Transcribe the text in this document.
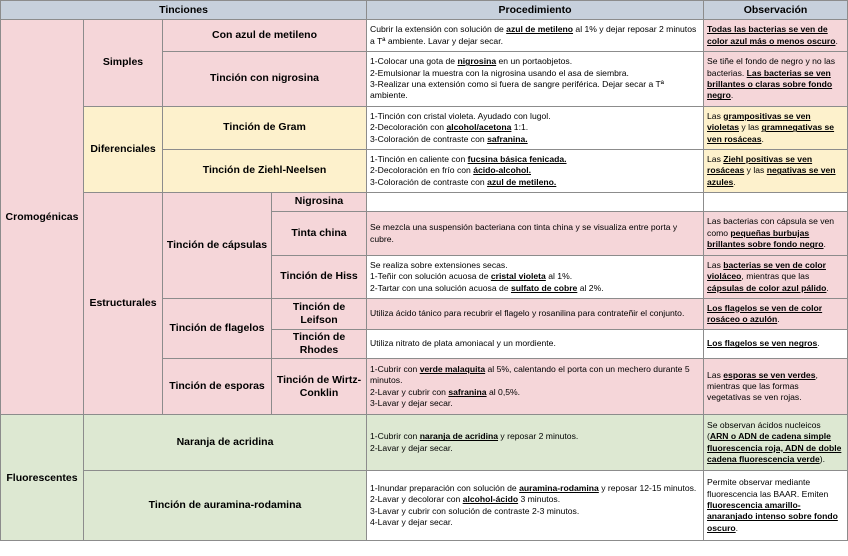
Tinciones				Procedimiento	Observación
Cromogénicas	Simples	Con azul de metileno		Cubrir la extensión con solución de azul de metileno al 1% y dejar reposar 2 minutos a Tª ambiente. Lavar y dejar secar.	Todas las bacterias se ven de color azul más o menos oscuro.
		Tinción con nigrosina		1-Colocar una gota de nigrosina en un portaobjetos.
2-Emulsionar la muestra con la nigrosina usando el asa de siembra.
3-Realizar una extensión como si fuera de sangre periférica. Dejar secar a Tª ambiente.	Se tiñe el fondo de negro y no las bacterias. Las bacterias se ven brillantes o claras sobre fondo negro.
	Diferenciales	Tinción de Gram		1-Tinción con cristal violeta. Ayudado con lugol.
2-Decoloración con alcohol/acetona 1:1.
3-Coloración de contraste con safranina.	Las grampositivas se ven violetas y las gramnegativas se ven rosáceas.
		Tinción de Ziehl-Neelsen		1-Tinción en caliente con fucsina básica fenicada.
2-Decoloración en frío con ácido-alcohol.
3-Coloración de contraste con azul de metileno.	Las Ziehl positivas se ven rosáceas y las negativas se ven azules.
	Estructurales	Tinción de cápsulas	Nigrosina		
			Tinta china	Se mezcla una suspensión bacteriana con tinta china y se visualiza entre porta y cubre.	Las bacterias con cápsula se ven como pequeñas burbujas brillantes sobre fondo negro.
			Tinción de Hiss	Se realiza sobre extensiones secas.
1-Teñir con solución acuosa de cristal violeta al 1%.
2-Tartar con una solución acuosa de sulfato de cobre al 2%.	Las bacterias se ven de color violáceo, mientras que las cápsulas de color azul pálido.
		Tinción de flagelos	Tinción de Leifson	Utiliza ácido tánico para recubrir el flagelo y rosanilina para contrateñir el conjunto.	Los flagelos se ven de color rosáceo o azulón.
			Tinción de Rhodes	Utiliza nitrato de plata amoniacal y un mordiente.	Los flagelos se ven negros.
		Tinción de esporas	Tinción de Wirtz-Conklin	1-Cubrir con verde malaquita al 5%, calentando el porta con un mechero durante 5 minutos.
2-Lavar y cubrir con safranina al 0,5%.
3-Lavar y dejar secar.	Las esporas se ven verdes, mientras que las formas vegetativas se ven rojas.
Fluorescentes	Naranja de acridina			1-Cubrir con naranja de acridina y reposar 2 minutos.
2-Lavar y dejar secar.	Se observan ácidos nucleicos (ARN o ADN de cadena simple fluorescencia roja, ADN de doble cadena fluorescencia verde).
	Tinción de auramina-rodamina			1-Inundar preparación con solución de auramina-rodamina y reposar 12-15 minutos.
2-Lavar y decolorar con alcohol-ácido 3 minutos.
3-Lavar y cubrir con solución de contraste 2-3 minutos.
4-Lavar y dejar secar.	Permite observar mediante fluorescencia las BAAR. Emiten fluorescencia amarillo-anaranjado intenso sobre fondo oscuro.
